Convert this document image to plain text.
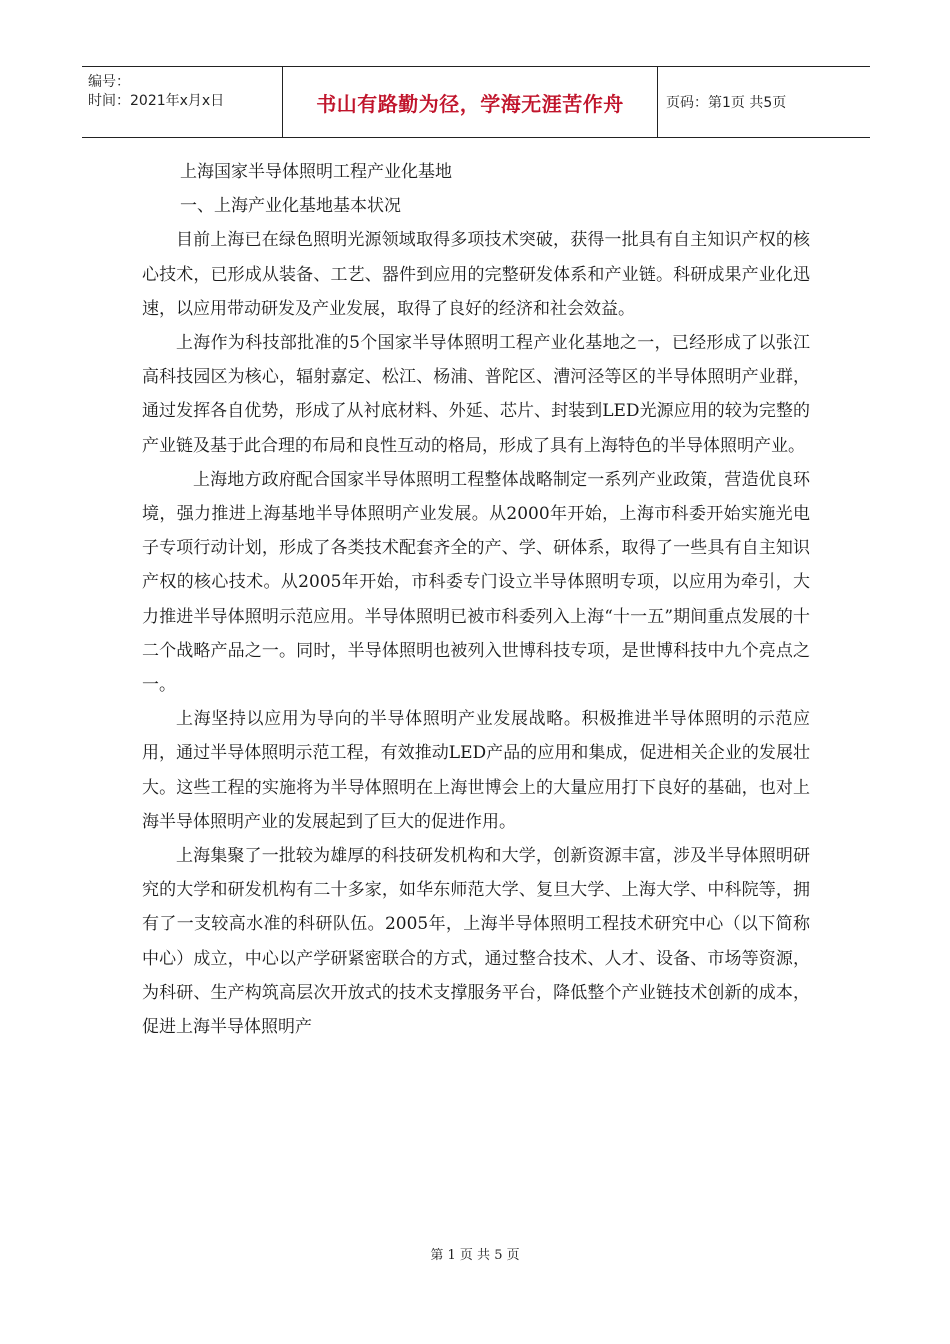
编号：
时间：2021年x月x日	书山有路勤为径，学海无涯苦作舟	页码：第1页 共5页

上海国家半导体照明工程产业化基地

一、上海产业化基地基本状况

目前上海已在绿色照明光源领域取得多项技术突破，获得一批具有自主知识产权的核心技术，已形成从装备、工艺、器件到应用的完整研发体系和产业链。科研成果产业化迅速，以应用带动研发及产业发展，取得了良好的经济和社会效益。

上海作为科技部批准的5个国家半导体照明工程产业化基地之一，已经形成了以张江高科技园区为核心，辐射嘉定、松江、杨浦、普陀区、漕河泾等区的半导体照明产业群，通过发挥各自优势，形成了从衬底材料、外延、芯片、封装到LED光源应用的较为完整的产业链及基于此合理的布局和良性互动的格局，形成了具有上海特色的半导体照明产业。

上海地方政府配合国家半导体照明工程整体战略制定一系列产业政策，营造优良环境，强力推进上海基地半导体照明产业发展。从2000年开始，上海市科委开始实施光电子专项行动计划，形成了各类技术配套齐全的产、学、研体系，取得了一些具有自主知识产权的核心技术。从2005年开始，市科委专门设立半导体照明专项，以应用为牵引，大力推进半导体照明示范应用。半导体照明已被市科委列入上海“十一五”期间重点发展的十二个战略产品之一。同时，半导体照明也被列入世博科技专项，是世博科技中九个亮点之一。

上海坚持以应用为导向的半导体照明产业发展战略。积极推进半导体照明的示范应用，通过半导体照明示范工程，有效推动LED产品的应用和集成，促进相关企业的发展壮大。这些工程的实施将为半导体照明在上海世博会上的大量应用打下良好的基础，也对上海半导体照明产业的发展起到了巨大的促进作用。

上海集聚了一批较为雄厚的科技研发机构和大学，创新资源丰富，涉及半导体照明研究的大学和研发机构有二十多家，如华东师范大学、复旦大学、上海大学、中科院等，拥有了一支较高水准的科研队伍。2005年，上海半导体照明工程技术研究中心（以下简称中心）成立，中心以产学研紧密联合的方式，通过整合技术、人才、设备、市场等资源，为科研、生产构筑高层次开放式的技术支撑服务平台，降低整个产业链技术创新的成本，促进上海半导体照明产

第 1 页 共 5 页
